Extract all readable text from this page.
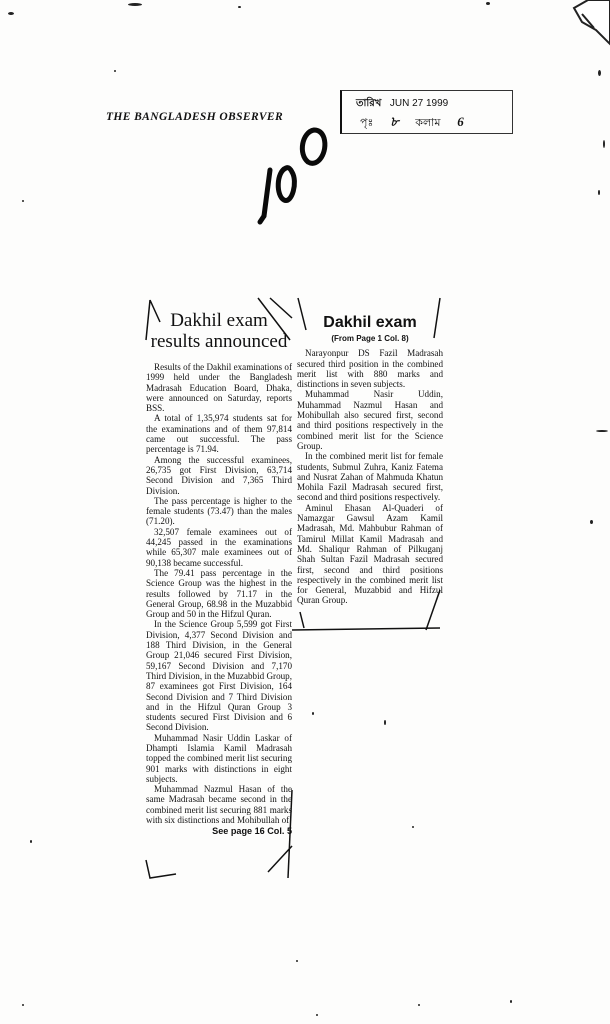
THE BANGLADESH OBSERVER
তারিখ JUN 27 1999
পৃঃ ৮ কলাম 6
Dakhil exam results announced

Results of the Dakhil examinations of 1999 held under the Bangladesh Madrasah Education Board, Dhaka, were announced on Saturday, reports BSS.

A total of 1,35,974 students sat for the examinations and of them 97,814 came out successful. The pass percentage is 71.94.

Among the successful examinees, 26,735 got First Division, 63,714 Second Division and 7,365 Third Division.

The pass percentage is higher to the female students (73.47) than the males (71.20).

32,507 female examinees out of 44,245 passed in the examinations while 65,307 male examinees out of 90,138 became successful.

The 79.41 pass percentage in the Science Group was the highest in the results followed by 71.17 in the General Group, 68.98 in the Muzabbid Group and 50 in the Hifzul Quran.

In the Science Group 5,599 got First Division, 4,377 Second Division and 188 Third Division, in the General Group 21,046 secured First Division, 59,167 Second Division and 7,170 Third Division, in the Muzabbid Group, 87 examinees got First Division, 164 Second Division and 7 Third Division and in the Hifzul Quran Group 3 students secured First Division and 6 Second Division.

Muhammad Nasir Uddin Laskar of Dhampti Islamia Kamil Madrasah topped the combined merit list securing 901 marks with distinctions in eight subjects.

Muhammad Nazmul Hasan of the same Madrasah became second in the combined merit list securing 881 marks with six distinctions and Mohibullah of

See page 16 Col. 5

Dakhil exam
(From Page 1 Col. 8)

Narayonpur DS Fazil Madrasah secured third position in the combined merit list with 880 marks and distinctions in seven subjects.

Muhammad Nasir Uddin, Muhammad Nazmul Hasan and Mohibullah also secured first, second and third positions respectively in the combined merit list for the Science Group.

In the combined merit list for female students, Submul Zuhra, Kaniz Fatema and Nusrat Zahan of Mahmuda Khatun Mohila Fazil Madrasah secured first, second and third positions respectively.

Aminul Ehasan Al-Quaderi of Namazgar Gawsul Azam Kamil Madrasah, Md. Mahbubur Rahman of Tamirul Millat Kamil Madrasah and Md. Shaliqur Rahman of Pilkuganj Shah Sultan Fazil Madrasah secured first, second and third positions respectively in the combined merit list for General, Muzabbid and Hifzul Quran Group.
